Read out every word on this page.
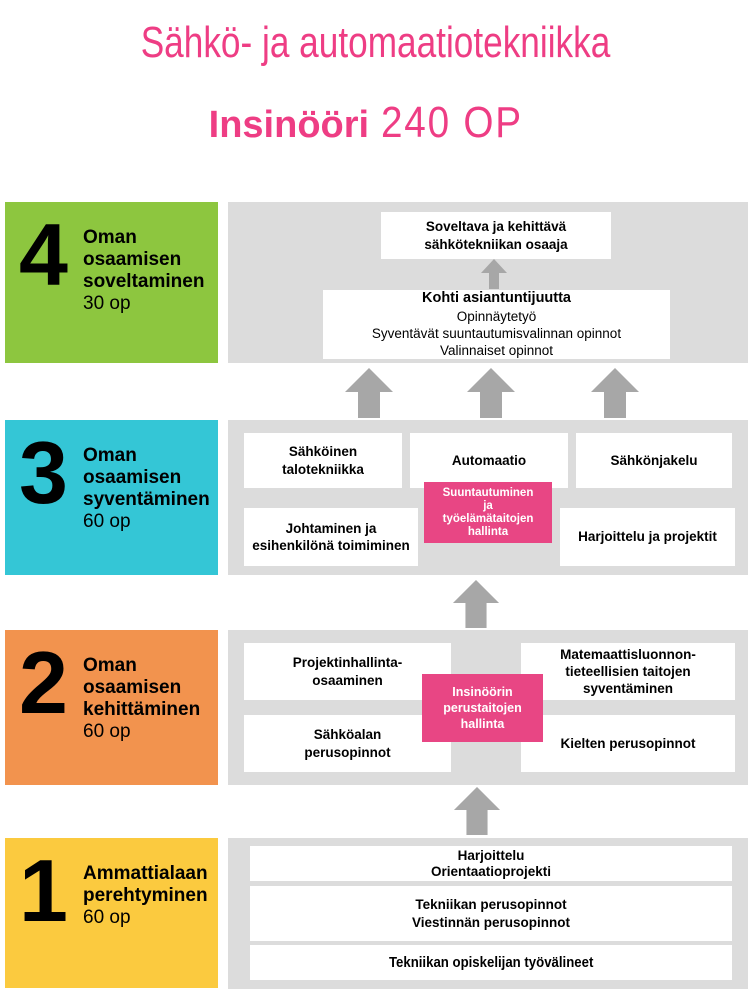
Sähkö- ja automaatiotekniikka
Insinööri 240 OP
4 Oman
osaamisen
soveltaminen
30 op
Soveltava ja kehittävä
sähkötekniikan osaaja
Kohti asiantuntijuutta
Opinnäytetyö
Syventävät suuntautumisvalinnan opinnot
Valinnaiset opinnot
3 Oman
osaamisen
syventäminen
60 op
Sähköinen
talotekniikka
Automaatio	Sähkönjakelu
Johtaminen ja
esihenkilönä toimiminen
Harjoittelu ja projektit
Suuntautuminen
ja
työelämätaitojen
hallinta
2 Oman
osaamisen
kehittäminen
60 op
Projektinhallinta-
osaaminen
Matemaattisluonnon-
tieteellisien taitojen
syventäminen
Sähköalan
perusopinnot
Kielten perusopinnot
Insinöörin
perustaitojen
hallinta
1 Ammattialaan
perehtyminen
60 op
Harjoittelu
Orientaatioprojekti
Tekniikan perusopinnot
Viestinnän perusopinnot
Tekniikan opiskelijan työvälineet
